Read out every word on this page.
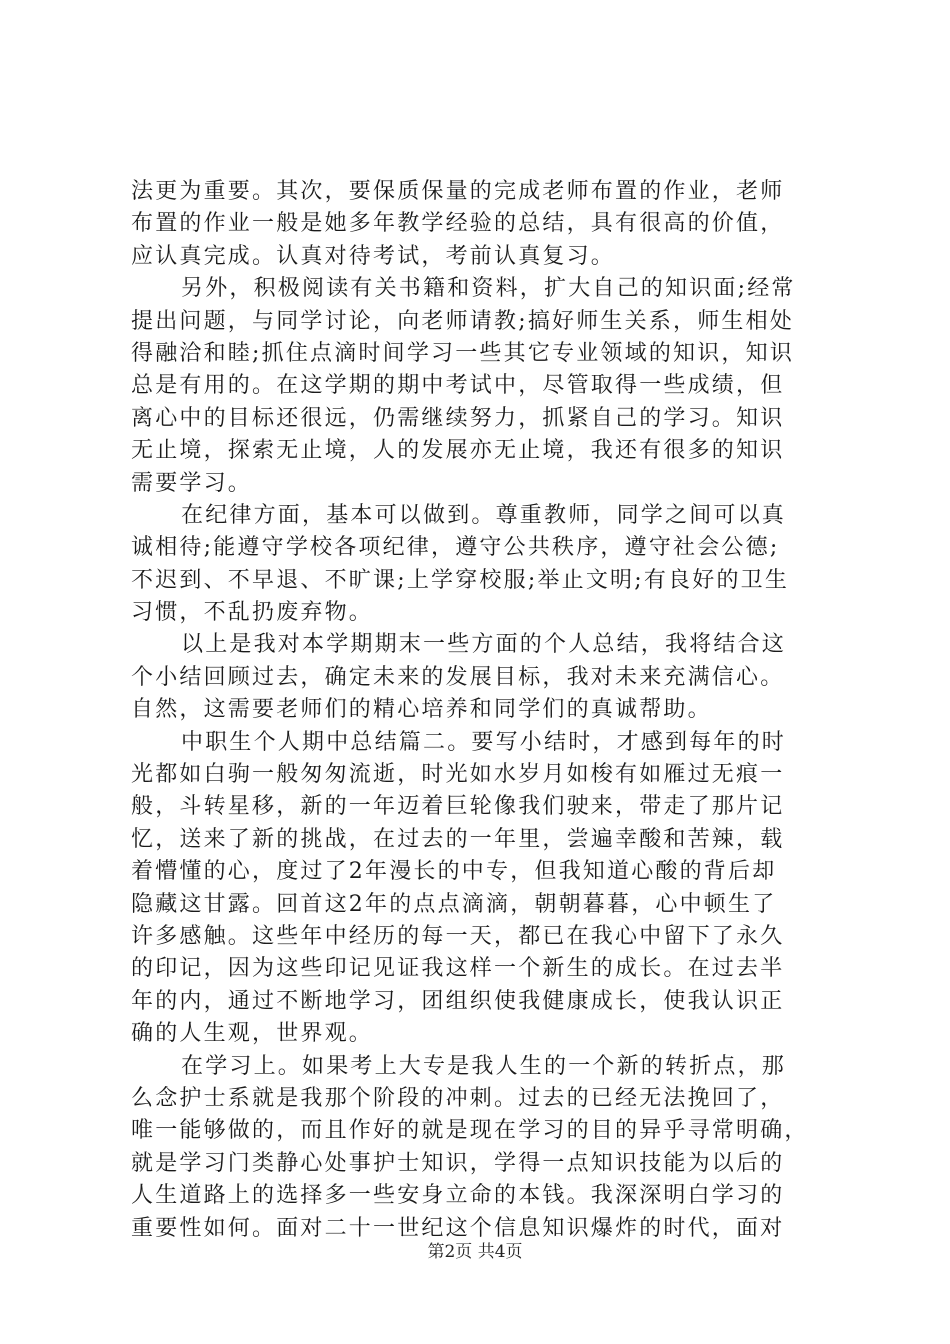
法更为重要。其次，要保质保量的完成老师布置的作业，老师
布置的作业一般是她多年教学经验的总结，具有很高的价值，
应认真完成。认真对待考试，考前认真复习。
另外，积极阅读有关书籍和资料，扩大自己的知识面;经常
提出问题，与同学讨论，向老师请教;搞好师生关系，师生相处
得融洽和睦;抓住点滴时间学习一些其它专业领域的知识，知识
总是有用的。在这学期的期中考试中，尽管取得一些成绩，但
离心中的目标还很远，仍需继续努力，抓紧自己的学习。知识
无止境，探索无止境，人的发展亦无止境，我还有很多的知识
需要学习。
在纪律方面，基本可以做到。尊重教师，同学之间可以真
诚相待;能遵守学校各项纪律，遵守公共秩序，遵守社会公德;
不迟到、不早退、不旷课;上学穿校服;举止文明;有良好的卫生
习惯，不乱扔废弃物。
以上是我对本学期期末一些方面的个人总结，我将结合这
个小结回顾过去，确定未来的发展目标，我对未来充满信心。
自然，这需要老师们的精心培养和同学们的真诚帮助。
中职生个人期中总结篇二。要写小结时，才感到每年的时
光都如白驹一般匆匆流逝，时光如水岁月如梭有如雁过无痕一
般，斗转星移，新的一年迈着巨轮像我们驶来，带走了那片记
忆，送来了新的挑战，在过去的一年里，尝遍幸酸和苦辣，载
着懵懂的心，度过了2年漫长的中专，但我知道心酸的背后却
隐藏这甘露。回首这2年的点点滴滴，朝朝暮暮，心中顿生了
许多感触。这些年中经历的每一天，都已在我心中留下了永久
的印记，因为这些印记见证我这样一个新生的成长。在过去半
年的内，通过不断地学习，团组织使我健康成长，使我认识正
确的人生观，世界观。
在学习上。如果考上大专是我人生的一个新的转折点，那
么念护士系就是我那个阶段的冲刺。过去的已经无法挽回了，
唯一能够做的，而且作好的就是现在学习的目的异乎寻常明确，
就是学习门类静心处事护士知识，学得一点知识技能为以后的
人生道路上的选择多一些安身立命的本钱。我深深明白学习的
重要性如何。面对二十一世纪这个信息知识爆炸的时代，面对
第2页 共4页
